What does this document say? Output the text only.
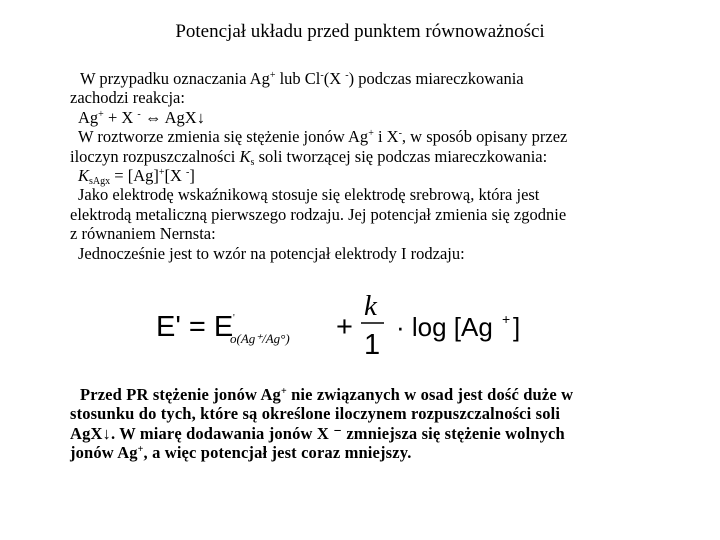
Potencjał układu przed punktem równoważności

W przypadku oznaczania Ag+ lub Cl-(X -) podczas miareczkowania

zachodzi reakcja:

Ag+ + X - ⇔ AgX↓

W roztworze zmienia się stężenie jonów Ag+ i X-, w sposób opisany przez

iloczyn rozpuszczalności $K_s$ soli tworzącej się podczas miareczkowania:

$K_{sAgx} = [Ag]^+[X$ -]

Jako elektrodę wskaźnikową stosuje się elektrodę srebrową, która jest

elektrodą metaliczną pierwszego rodzaju. Jej potencjał zmienia się zgodnie

z równaniem Nernsta:

Jednocześnie jest to wzór na potencjał elektrody I rodzaju:

E' = E '
o(Ag⁺/Ag°) +
k
1
· log [Ag + ]

Przed PR stężenie jonów Ag+ nie związanych w osad jest dość duże w

stosunku do tych, które są określone iloczynem rozpuszczalności soli

AgX↓. W miarę dodawania jonów X ⁻ zmniejsza się stężenie wolnych

jonów Ag+, a więc potencjał jest coraz mniejszy.
